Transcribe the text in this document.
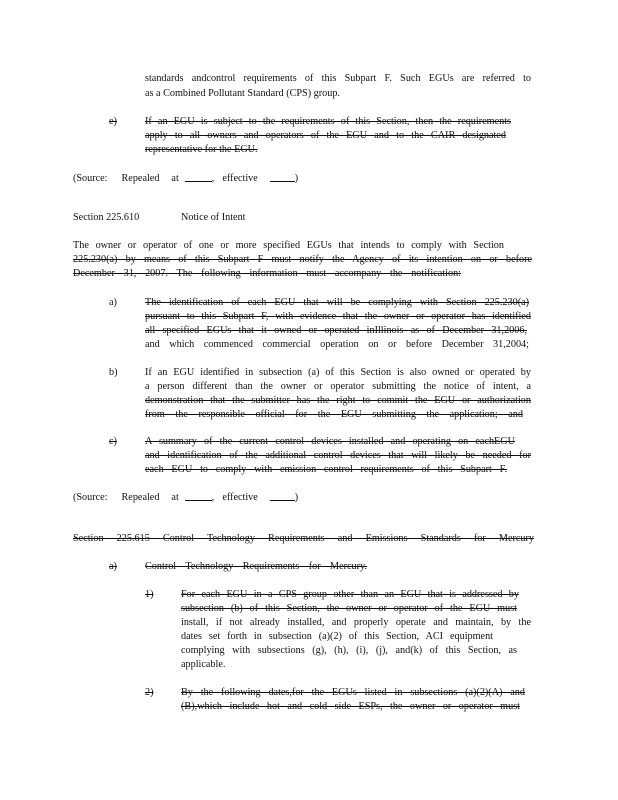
standards andcontrol requirements of this Subpart F. Such EGUs are referred to
as a Combined Pollutant Standard (CPS) group.
e)	If an EGU is subject to the requirements of this Section, then the requirements
apply to all owners and operators of the EGU and to the CAIR designated
representative for the EGU.
(Source: Repealed at	, effective	)
Section 225.610	Notice of Intent
The owner or operator of one or more specified EGUs that intends to comply with Section
225.230(a) by means of this Subpart F must notify the Agency of its intention on or before
December 31, 2007. The following information must accompany the notification:
a)	The identification of each EGU that will be complying with Section 225.230(a)
pursuant to this Subpart F, with evidence that the owner or operator has identified
all specified EGUs that it owned or operated inIllinois as of December 31,2006,
and which commenced commercial operation on or before December 31,2004;
b)	If an EGU identified in subsection (a) of this Section is also owned or operated by
a person different than the owner or operator submitting the notice of intent, a
demonstration that the submitter has the right to commit the EGU or authorization
from the responsible official for the EGU submitting the application; and
c)	A summary of the current control devices installed and operating on eachEGU
and identification of the additional control devices that will likely be needed for
each EGU to comply with emission control requirements of this Subpart F.
(Source: Repealed at	, effective	)
Section 225.615 Control Technology Requirements and Emissions Standards for Mercury
a)	Control Technology Requirements for Mercury.
1)	For each EGU in a CPS group other than an EGU that is addressed by
subsection (b) of this Section, the owner or operator of the EGU must
install, if not already installed, and properly operate and maintain, by the
dates set forth in subsection (a)(2) of this Section, ACI equipment
complying with subsections (g), (h), (i), (j), and(k) of this Section, as
applicable.
2)	By the following dates,for the EGUs listed in subsections (a)(2)(A) and
(B),which include hot and cold side ESPs, the owner or operator must
